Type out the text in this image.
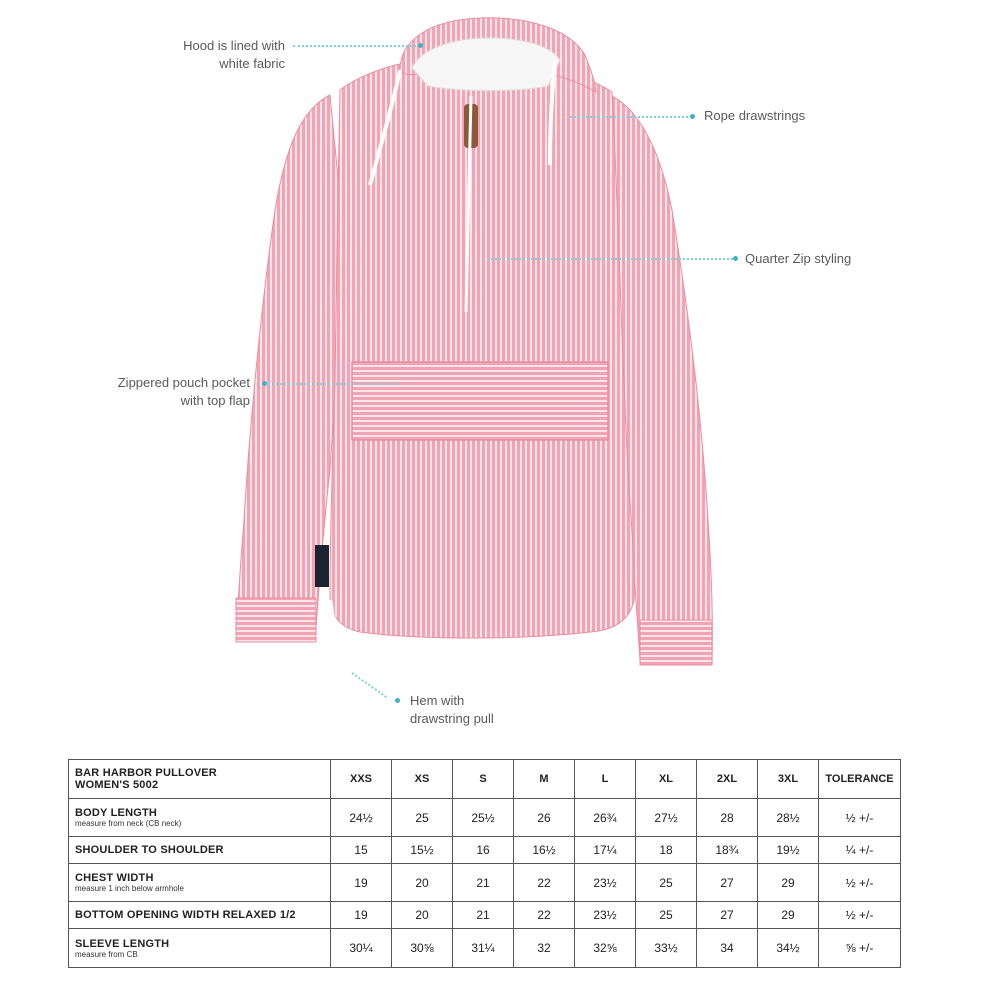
Hood is lined with
white fabric
Rope drawstrings
Quarter Zip styling
Zippered pouch pocket
with top flap
Hem with
drawstring pull
BAR HARBOR PULLOVER
WOMEN'S 5002	XXS	XS	S	M	L	XL	2XL	3XL	TOLERANCE

BODY LENGTH
measure from neck (CB neck)	24½	25	25½	26	26¾	27½	28	28½	½ +/-

SHOULDER TO SHOULDER	15	15½	16	16½	17¼	18	18¾	19½	¼ +/-

CHEST WIDTH
measure 1 inch below armhole	19	20	21	22	23½	25	27	29	½ +/-

BOTTOM OPENING WIDTH RELAXED 1/2	19	20	21	22	23½	25	27	29	½ +/-

SLEEVE LENGTH
measure from CB	30¼	30⅝	31¼	32	32⅝	33½	34	34½	⅝ +/-
